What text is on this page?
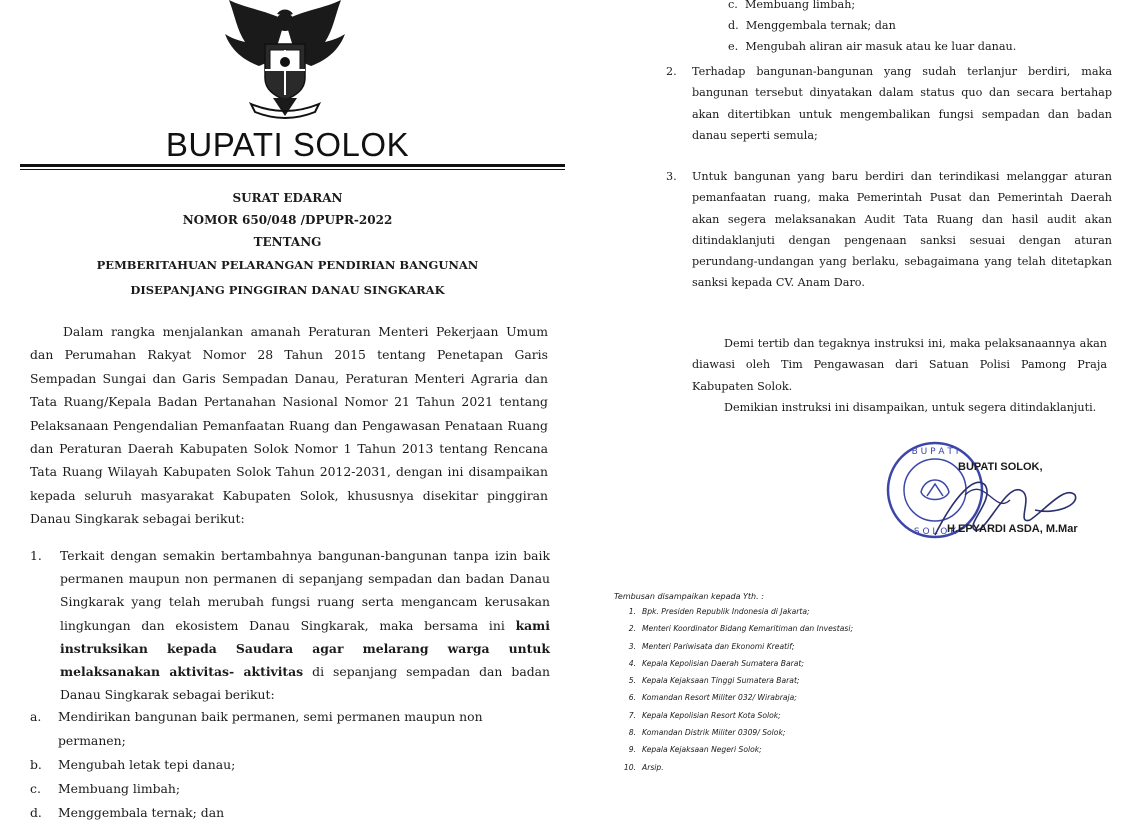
BUPATI SOLOK
SURAT EDARAN
NOMOR 650/048 /DPUPR-2022
TENTANG
PEMBERITAHUAN PELARANGAN PENDIRIAN BANGUNAN
DISEPANJANG PINGGIRAN DANAU SINGKARAK

Dalam rangka menjalankan amanah Peraturan Menteri Pekerjaan Umum dan Perumahan Rakyat Nomor 28 Tahun 2015 tentang Penetapan Garis Sempadan Sungai dan Garis Sempadan Danau, Peraturan Menteri Agraria dan Tata Ruang/Kepala Badan Pertanahan Nasional Nomor 21 Tahun 2021 tentang Pelaksanaan Pengendalian Pemanfaatan Ruang dan Pengawasan Penataan Ruang dan Peraturan Daerah Kabupaten Solok Nomor 1 Tahun 2013 tentang Rencana Tata Ruang Wilayah Kabupaten Solok Tahun 2012-2031, dengan ini disampaikan kepada seluruh masyarakat Kabupaten Solok, khususnya disekitar pinggiran Danau Singkarak sebagai berikut:

1. Terkait dengan semakin bertambahnya bangunan-bangunan tanpa izin baik permanen maupun non permanen di sepanjang sempadan dan badan Danau Singkarak yang telah merubah fungsi ruang serta mengancam kerusakan lingkungan dan ekosistem Danau Singkarak, maka bersama ini kami instruksikan kepada Saudara agar melarang warga untuk melaksanakan aktivitas- aktivitas di sepanjang sempadan dan badan Danau Singkarak sebagai berikut:
a. Mendirikan bangunan baik permanen, semi permanen maupun non permanen;
b. Mengubah letak tepi danau;
c. Membuang limbah;
d. Menggembala ternak; dan
c. Membuang limbah;
d. Menggembala ternak; dan
e. Mengubah aliran air masuk atau ke luar danau.
2. Terhadap bangunan-bangunan yang sudah terlanjur berdiri, maka bangunan tersebut dinyatakan dalam status quo dan secara bertahap akan ditertibkan untuk mengembalikan fungsi sempadan dan badan danau seperti semula;
3. Untuk bangunan yang baru berdiri dan terindikasi melanggar aturan pemanfaatan ruang, maka Pemerintah Pusat dan Pemerintah Daerah akan segera melaksanakan Audit Tata Ruang dan hasil audit akan ditindaklanjuti dengan pengenaan sanksi sesuai dengan aturan perundang-undangan yang berlaku, sebagaimana yang telah ditetapkan sanksi kepada CV. Anam Daro.

Demi tertib dan tegaknya instruksi ini, maka pelaksanaannya akan diawasi oleh Tim Pengawasan dari Satuan Polisi Pamong Praja Kabupaten Solok.

Demikian instruksi ini disampaikan, untuk segera ditindaklanjuti.

B U P A T I
S O L O K
BUPATI SOLOK,
H.EPYARDI ASDA, M.Mar
Tembusan disampaikan kepada Yth. :
1. Bpk. Presiden Republik Indonesia di Jakarta;
2. Menteri Koordinator Bidang Kemaritiman dan Investasi;
3. Menteri Pariwisata dan Ekonomi Kreatif;
4. Kepala Kepolisian Daerah Sumatera Barat;
5. Kepala Kejaksaan Tinggi Sumatera Barat;
6. Komandan Resort Militer 032/ Wirabraja;
7. Kepala Kepolisian Resort Kota Solok;
8. Komandan Distrik Militer 0309/ Solok;
9. Kepala Kejaksaan Negeri Solok;
10. Arsip.
